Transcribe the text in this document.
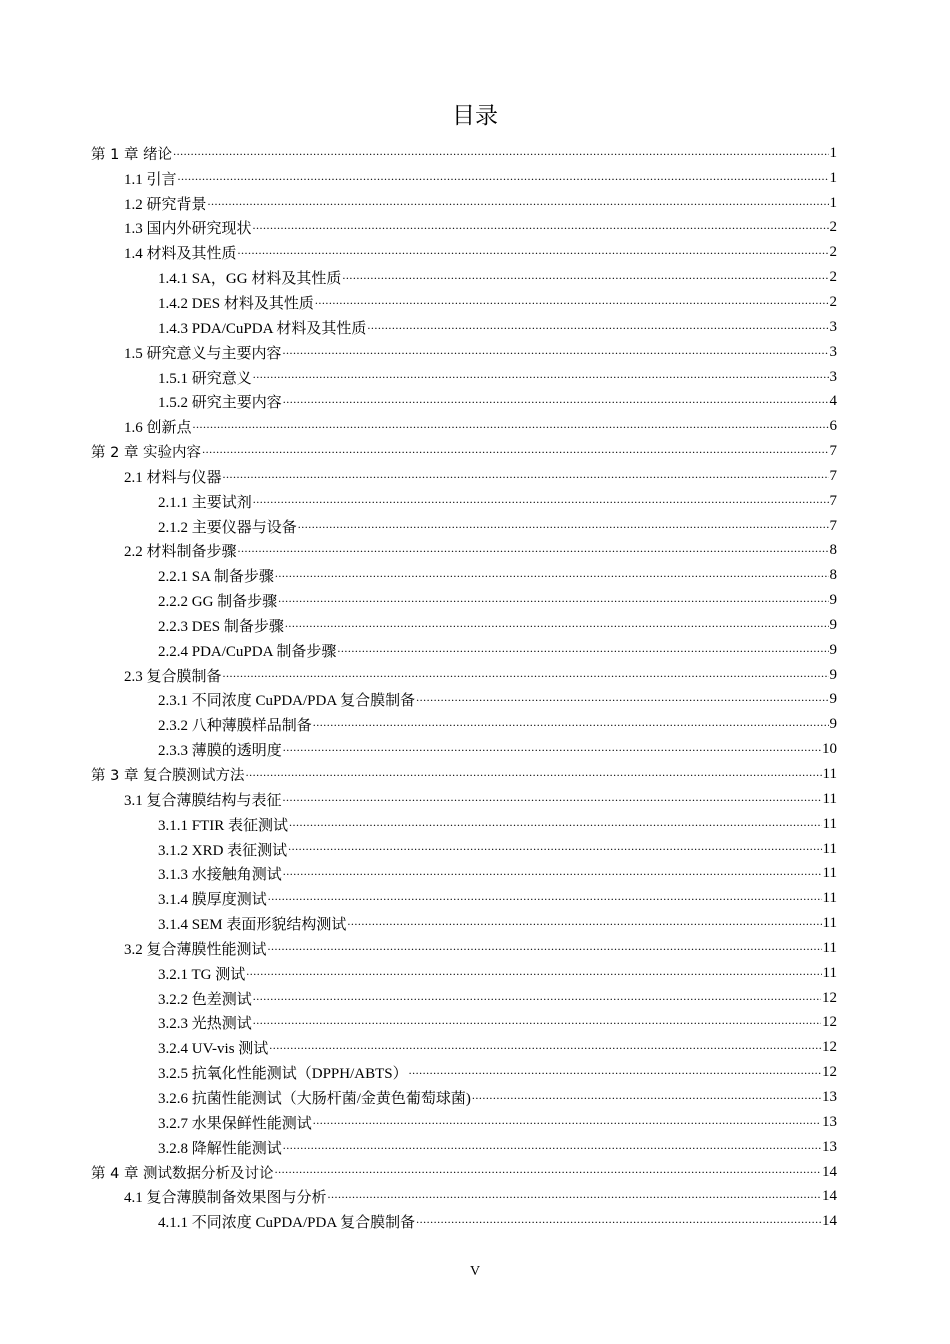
目录
第 1 章 绪论 .....	1
1.1 引言 .....	1
1.2 研究背景 .....	1
1.3 国内外研究现状 .....	2
1.4 材料及其性质 .....	2
1.4.1 SA，GG 材料及其性质 .....	2
1.4.2 DES 材料及其性质 .....	2
1.4.3 PDA/CuPDA 材料及其性质 .....	3
1.5 研究意义与主要内容 .....	3
1.5.1 研究意义 .....	3
1.5.2 研究主要内容 .....	4
1.6 创新点 .....	6
第 2 章 实验内容 .....	7
2.1 材料与仪器 .....	7
2.1.1 主要试剂 .....	7
2.1.2 主要仪器与设备 .....	7
2.2 材料制备步骤 .....	8
2.2.1 SA 制备步骤 .....	8
2.2.2 GG 制备步骤 .....	9
2.2.3 DES 制备步骤 .....	9
2.2.4 PDA/CuPDA 制备步骤 .....	9
2.3 复合膜制备 .....	9
2.3.1 不同浓度 CuPDA/PDA 复合膜制备 .....	9
2.3.2 八种薄膜样品制备 .....	9
2.3.3 薄膜的透明度 .....	10
第 3 章 复合膜测试方法 .....	11
3.1 复合薄膜结构与表征 .....	11
3.1.1 FTIR 表征测试 .....	11
3.1.2 XRD 表征测试 .....	11
3.1.3 水接触角测试 .....	11
3.1.4 膜厚度测试 .....	11
3.1.4 SEM 表面形貌结构测试 .....	11
3.2 复合薄膜性能测试 .....	11
3.2.1 TG 测试 .....	11
3.2.2 色差测试 .....	12
3.2.3 光热测试 .....	12
3.2.4 UV-vis 测试 .....	12
3.2.5 抗氧化性能测试（DPPH/ABTS） .....	12
3.2.6 抗菌性能测试（大肠杆菌/金黄色葡萄球菌) .....	13
3.2.7 水果保鲜性能测试 .....	13
3.2.8 降解性能测试 .....	13
第 4 章 测试数据分析及讨论 .....	14
4.1 复合薄膜制备效果图与分析 .....	14
4.1.1 不同浓度 CuPDA/PDA 复合膜制备 .....	14
V
